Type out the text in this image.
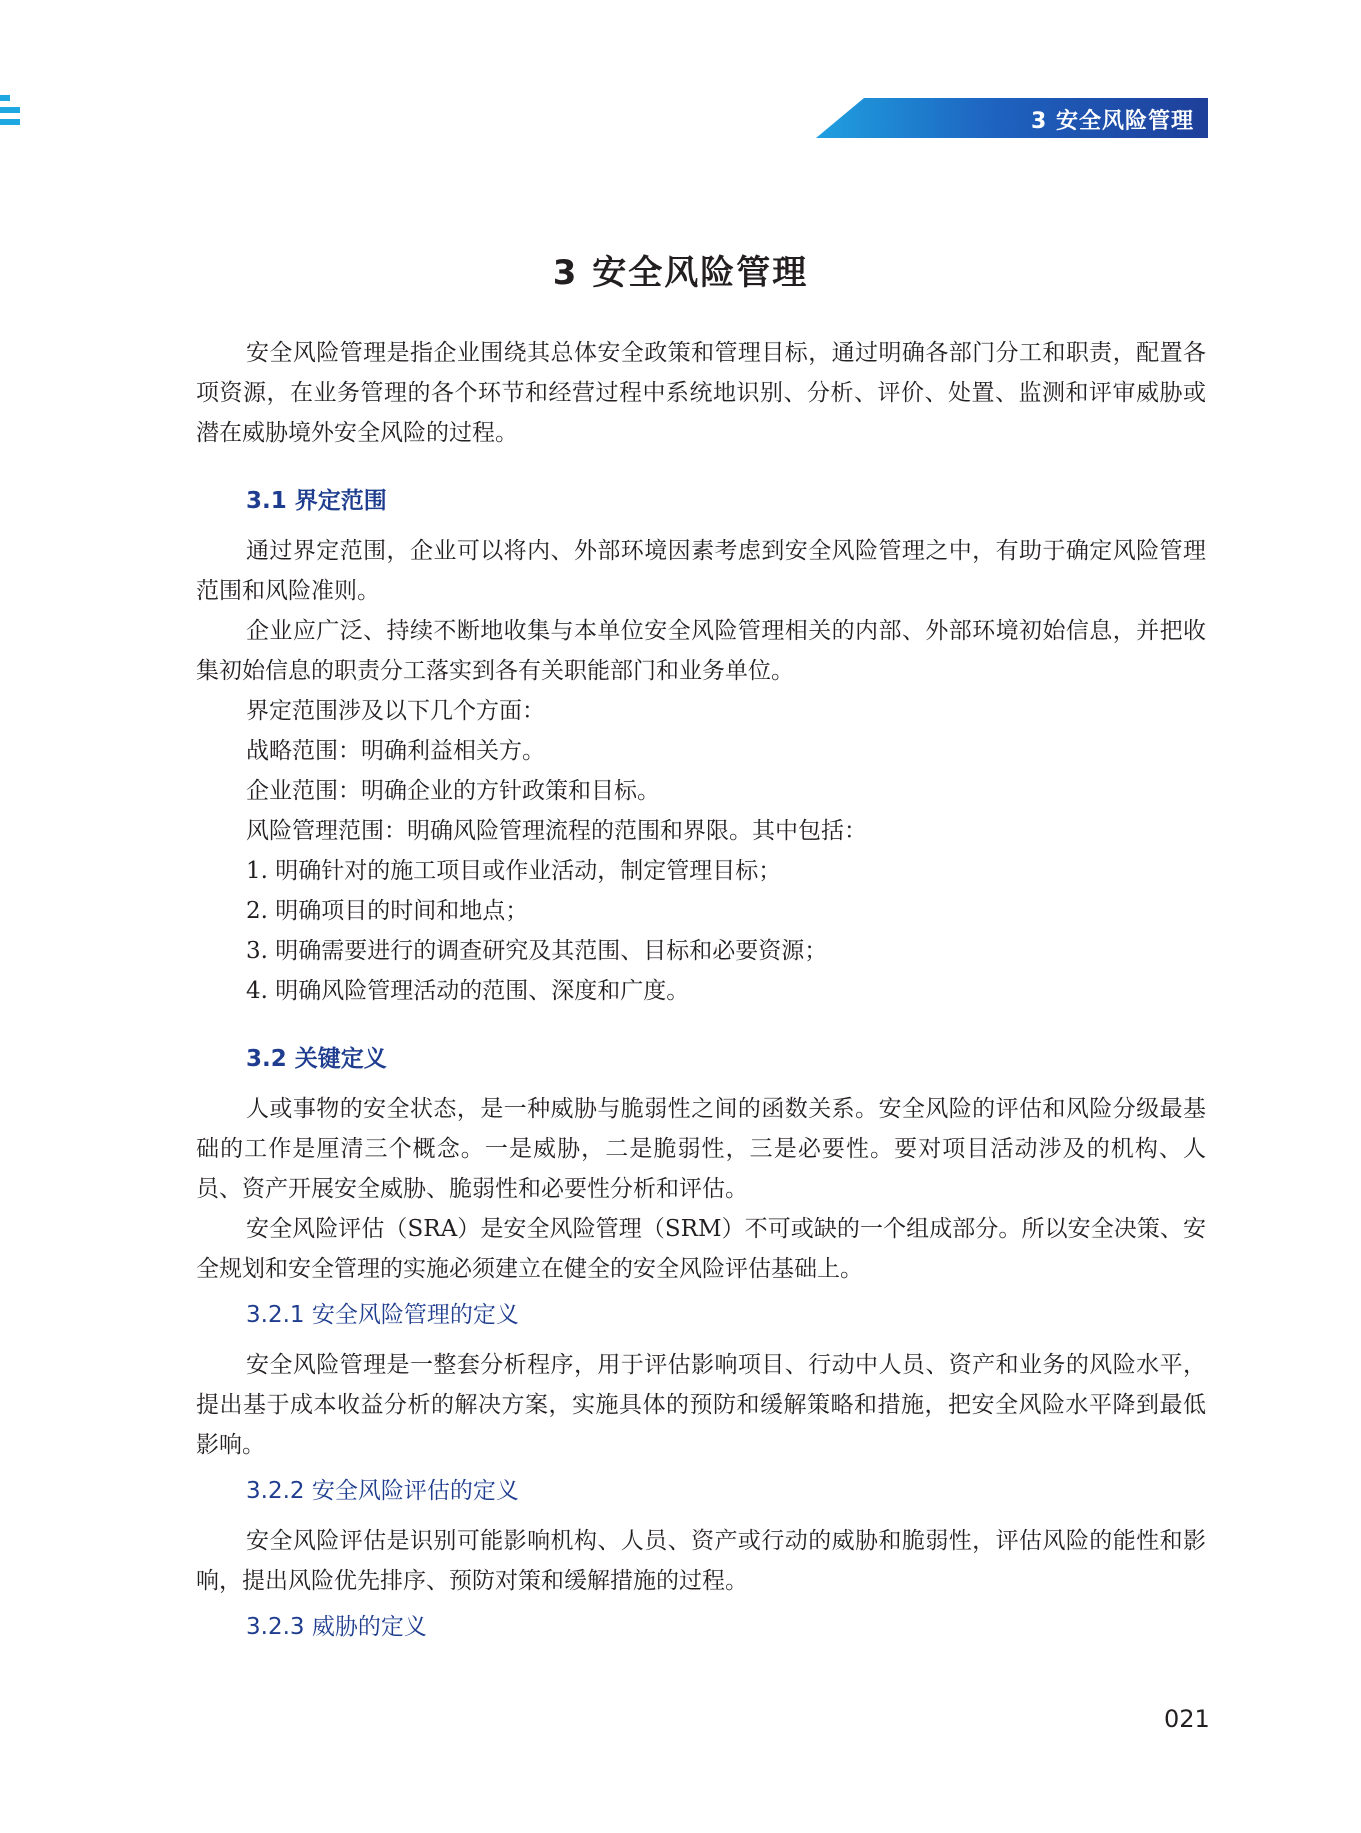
3 安全风险管理
3 安全风险管理

安全风险管理是指企业围绕其总体安全政策和管理目标，通过明确各部门分工和职责，配置各项资源，在业务管理的各个环节和经营过程中系统地识别、分析、评价、处置、监测和评审威胁或潜在威胁境外安全风险的过程。

3.1 界定范围

通过界定范围，企业可以将内、外部环境因素考虑到安全风险管理之中，有助于确定风险管理范围和风险准则。

企业应广泛、持续不断地收集与本单位安全风险管理相关的内部、外部环境初始信息，并把收集初始信息的职责分工落实到各有关职能部门和业务单位。

界定范围涉及以下几个方面：

战略范围：明确利益相关方。

企业范围：明确企业的方针政策和目标。

风险管理范围：明确风险管理流程的范围和界限。其中包括：

1. 明确针对的施工项目或作业活动，制定管理目标；

2. 明确项目的时间和地点；

3. 明确需要进行的调查研究及其范围、目标和必要资源；

4. 明确风险管理活动的范围、深度和广度。

3.2 关键定义

人或事物的安全状态，是一种威胁与脆弱性之间的函数关系。安全风险的评估和风险分级最基础的工作是厘清三个概念。一是威胁，二是脆弱性，三是必要性。要对项目活动涉及的机构、人员、资产开展安全威胁、脆弱性和必要性分析和评估。

安全风险评估（SRA）是安全风险管理（SRM）不可或缺的一个组成部分。所以安全决策、安全规划和安全管理的实施必须建立在健全的安全风险评估基础上。

3.2.1 安全风险管理的定义

安全风险管理是一整套分析程序，用于评估影响项目、行动中人员、资产和业务的风险水平，提出基于成本收益分析的解决方案，实施具体的预防和缓解策略和措施，把安全风险水平降到最低影响。

3.2.2 安全风险评估的定义

安全风险评估是识别可能影响机构、人员、资产或行动的威胁和脆弱性，评估风险的能性和影响，提出风险优先排序、预防对策和缓解措施的过程。

3.2.3 威胁的定义
021
